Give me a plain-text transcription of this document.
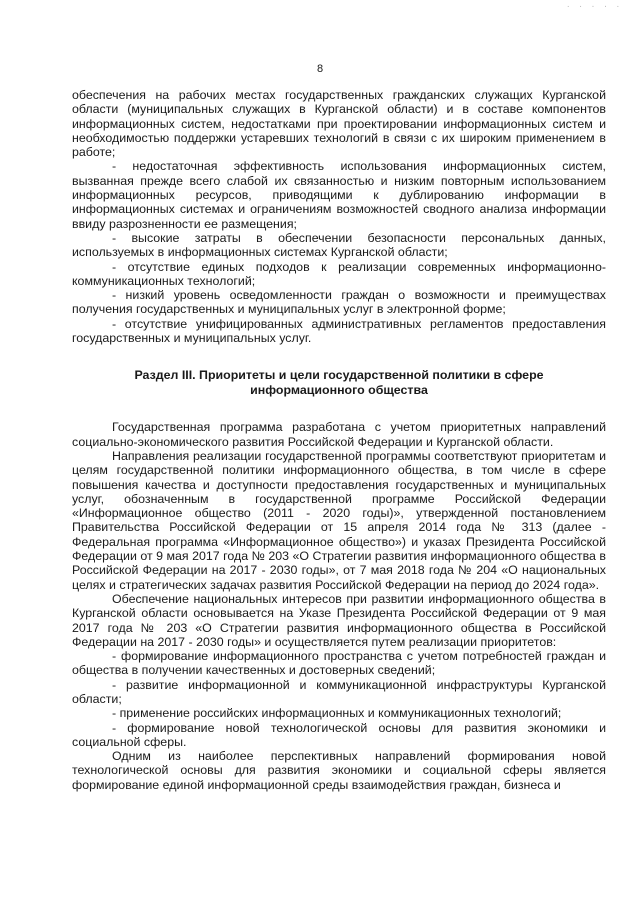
· · · · ·
8

обеспечения на рабочих местах государственных гражданских служащих Курганской области (муниципальных служащих в Курганской области) и в составе компонентов информационных систем, недостатками при проектировании информационных систем и необходимостью поддержки устаревших технологий в связи с их широким применением в работе;

- недостаточная эффективность использования информационных систем, вызванная прежде всего слабой их связанностью и низким повторным использованием информационных ресурсов, приводящими к дублированию информации в информационных системах и ограничениям возможностей сводного анализа информации ввиду разрозненности ее размещения;

- высокие затраты в обеспечении безопасности персональных данных, используемых в информационных системах Курганской области;

- отсутствие единых подходов к реализации современных информационно-коммуникационных технологий;

- низкий уровень осведомленности граждан о возможности и преимуществах получения государственных и муниципальных услуг в электронной форме;

- отсутствие унифицированных административных регламентов предоставления государственных и муниципальных услуг.

Раздел III. Приоритеты и цели государственной политики в сфере
информационного общества

Государственная программа разработана с учетом приоритетных направлений социально-экономического развития Российской Федерации и Курганской области.

Направления реализации государственной программы соответствуют приоритетам и целям государственной политики информационного общества, в том числе в сфере повышения качества и доступности предоставления государственных и муниципальных услуг, обозначенным в государственной программе Российской Федерации «Информационное общество (2011 - 2020 годы)», утвержденной постановлением Правительства Российской Федерации от 15 апреля 2014 года № 313 (далее - Федеральная программа «Информационное общество») и указах Президента Российской Федерации от 9 мая 2017 года № 203 «О Стратегии развития информационного общества в Российской Федерации на 2017 - 2030 годы», от 7 мая 2018 года № 204 «О национальных целях и стратегических задачах развития Российской Федерации на период до 2024 года».

Обеспечение национальных интересов при развитии информационного общества в Курганской области основывается на Указе Президента Российской Федерации от 9 мая 2017 года № 203 «О Стратегии развития информационного общества в Российской Федерации на 2017 - 2030 годы» и осуществляется путем реализации приоритетов:

- формирование информационного пространства с учетом потребностей граждан и общества в получении качественных и достоверных сведений;

- развитие информационной и коммуникационной инфраструктуры Курганской области;

- применение российских информационных и коммуникационных технологий;

- формирование новой технологической основы для развития экономики и социальной сферы.

Одним из наиболее перспективных направлений формирования новой технологической основы для развития экономики и социальной сферы является формирование единой информационной среды взаимодействия граждан, бизнеса и
